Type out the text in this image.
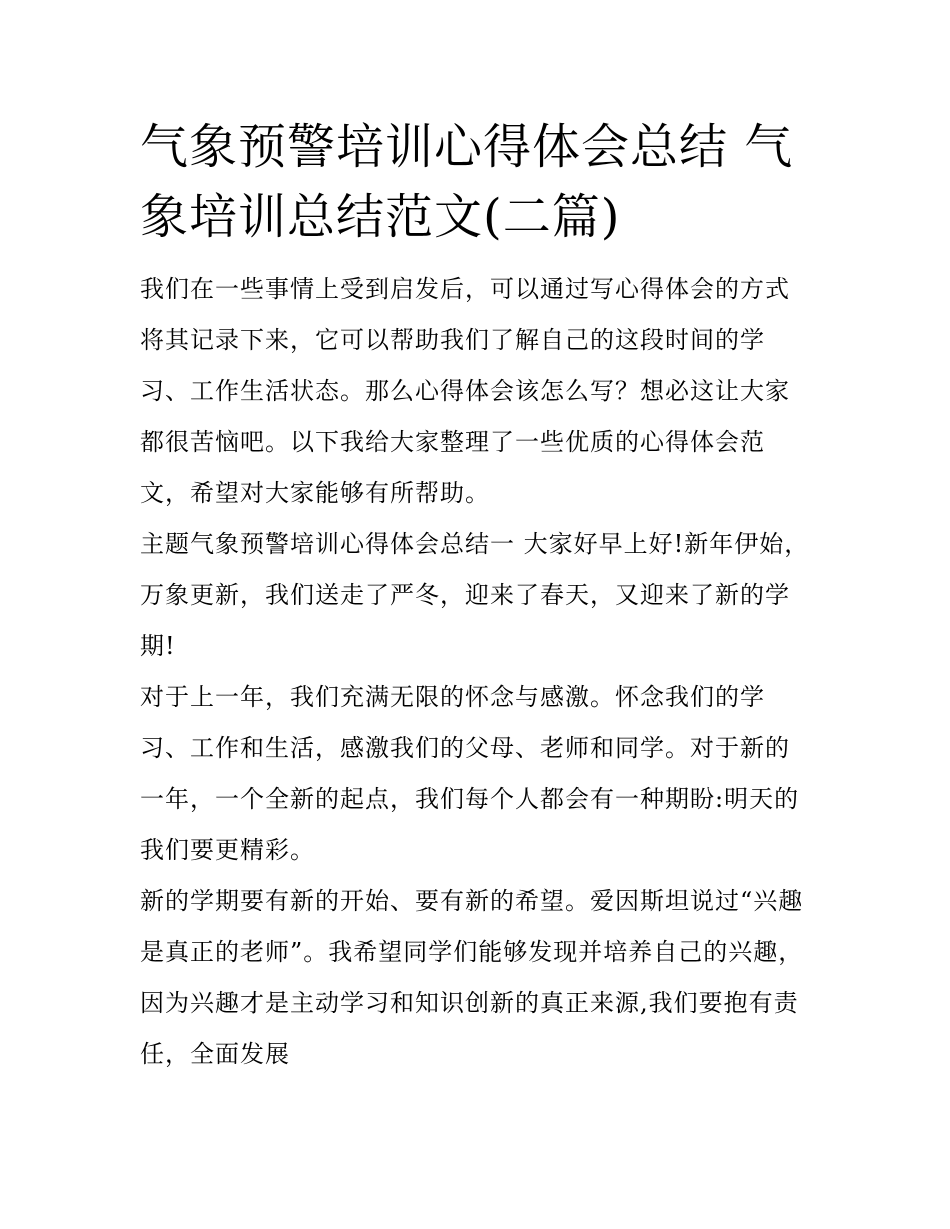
气象预警培训心得体会总结 气象培训总结范文(二篇)

我们在一些事情上受到启发后，可以通过写心得体会的方式将其记录下来，它可以帮助我们了解自己的这段时间的学习、工作生活状态。那么心得体会该怎么写？想必这让大家都很苦恼吧。以下我给大家整理了一些优质的心得体会范文，希望对大家能够有所帮助。

主题气象预警培训心得体会总结一 大家好早上好!新年伊始，万象更新，我们送走了严冬，迎来了春天，又迎来了新的学期!

对于上一年，我们充满无限的怀念与感激。怀念我们的学习、工作和生活，感激我们的父母、老师和同学。对于新的一年，一个全新的起点，我们每个人都会有一种期盼:明天的我们要更精彩。

新的学期要有新的开始、要有新的希望。爱因斯坦说过“兴趣是真正的老师”。我希望同学们能够发现并培养自己的兴趣，因为兴趣才是主动学习和知识创新的真正来源,我们要抱有责任，全面发展
